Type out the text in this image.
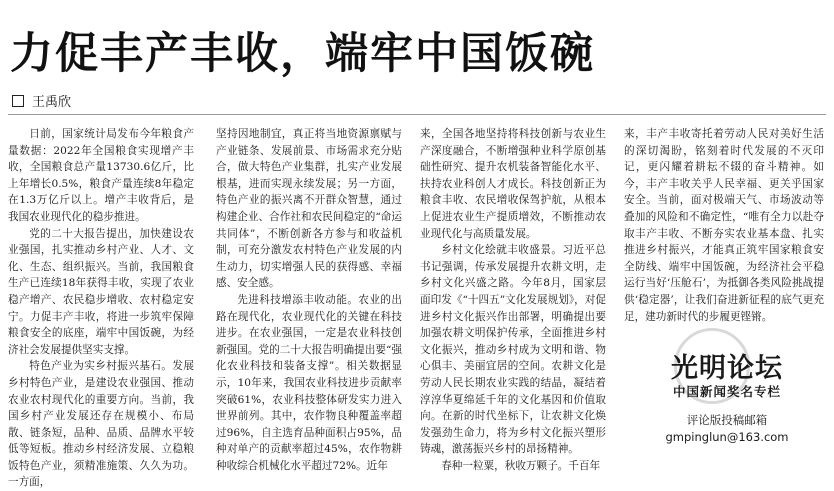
力促丰产丰收，端牢中国饭碗
王禹欣

日前，国家统计局发布今年粮食产量数据：2022年全国粮食实现增产丰收，全国粮食总产量13730.6亿斤，比上年增长0.5%，粮食产量连续8年稳定在1.3万亿斤以上。增产丰收背后，是我国农业现代化的稳步推进。

党的二十大报告提出，加快建设农业强国，扎实推动乡村产业、人才、文化、生态、组织振兴。当前，我国粮食生产已连续18年获得丰收，实现了农业稳产增产、农民稳步增收、农村稳定安宁。力促丰产丰收，将进一步筑牢保障粮食安全的底座，端牢中国饭碗，为经济社会发展提供坚实支撑。

特色产业为实乡村振兴基石。发展乡村特色产业，是建设农业强国、推动农业农村现代化的重要方向。当前，我国乡村产业发展还存在规模小、布局散、链条短，品种、品质、品牌水平较低等短板。推动乡村经济发展、立稳粮饭特色产业，须精准施策、久久为功。一方面，

坚持因地制宜，真正将当地资源禀赋与产业链条、发展前景、市场需求充分贴合，做大特色产业集群，扎实产业发展根基，进而实现永续发展；另一方面，特色产业的振兴离不开群众智慧，通过构建企业、合作社和农民间稳定的“命运共同体”，不断创新各方参与和收益机制，可充分激发农村特色产业发展的内生动力，切实增强人民的获得感、幸福感、安全感。

先进科技增添丰收动能。农业的出路在现代化，农业现代化的关键在科技进步。在农业强国，一定是农业科技创新强国。党的二十大报告明确提出要“强化农业科技和装备支撑”。相关数据显示，10年来，我国农业科技进步贡献率突破61%，农业科技整体研发实力进入世界前列。其中，农作物良种覆盖率超过96%，自主选育品种面积占95%，品种对单产的贡献率超过45%，农作物耕种收综合机械化水平超过72%。近年

来，全国各地坚持将科技创新与农业生产深度融合，不断增强种业科学原创基础性研究、提升农机装备智能化水平、扶持农业科创人才成长。科技创新正为粮食丰收、农民增收保驾护航，从根本上促进农业生产提质增效，不断推动农业现代化与高质量发展。

乡村文化绘就丰收盛景。习近平总书记强调，传承发展提升农耕文明，走乡村文化兴盛之路。今年8月，国家层面印发《“十四五”文化发展规划》，对促进乡村文化振兴作出部署，明确提出要加强农耕文明保护传承，全面推进乡村文化振兴，推动乡村成为文明和谐、物心俱丰、美丽宜居的空间。农耕文化是劳动人民长期农业实践的结晶，凝结着淳淳华夏绵延千年的文化基因和价值取向。在新的时代坐标下，让农耕文化焕发强劲生命力，将为乡村文化振兴塑形铸魂，激荡振兴乡村的昂扬精神。

春种一粒粟，秋收万颗子。千百年

来，丰产丰收寄托着劳动人民对美好生活的深切渴盼，铭刻着时代发展的不灭印记，更闪耀着耕耘不辍的奋斗精神。如今，丰产丰收关乎人民幸福、更关乎国家安全。当前，面对极端天气、市场波动等叠加的风险和不确定性，“唯有全力以赴夺取丰产丰收、不断夯实农业基本盘、扎实推进乡村振兴，才能真正筑牢国家粮食安全防线、端牢中国饭碗，为经济社会平稳运行当好‘压舱石’，为抵御各类风险挑战提供‘稳定器’，让我们奋进新征程的底气更充足，建功新时代的步履更铿锵。

光明论坛
中国新闻奖名专栏
评论版投稿邮箱
gmpinglun@163.com
